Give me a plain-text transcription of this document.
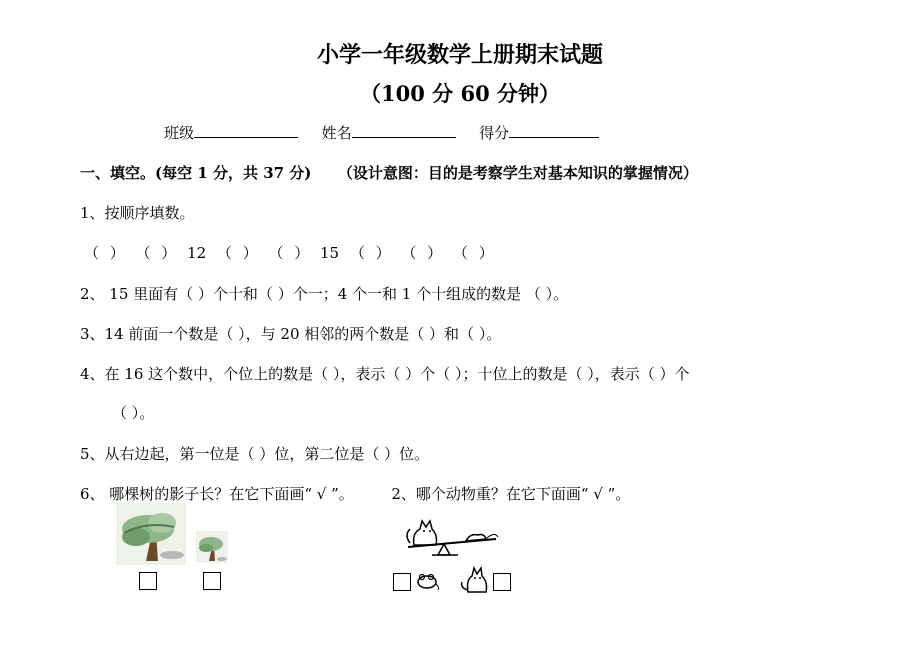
小学一年级数学上册期末试题
（100 分 60 分钟）
班级	姓名	得分
一、填空。(每空 1 分，共 37 分) （设计意图：目的是考察学生对基本知识的掌握情况）
1、按顺序填数。
（ ） （ ） 12 （ ） （ ） 15 （ ） （ ） （ ）
2、 15 里面有（ ）个十和（ ）个一；4 个一和 1 个十组成的数是 （ ）。
3、14 前面一个数是（ ），与 20 相邻的两个数是（ ）和（ ）。
4、在 16 这个数中，个位上的数是（ ），表示（ ）个（ ）；十位上的数是（ ），表示（ ）个
（ ）。
5、从右边起，第一位是（ ）位，第二位是（ ）位。
6、 哪棵树的影子长？在它下面画“ √ ”。	2、哪个动物重？在它下面画“ √ ”。
